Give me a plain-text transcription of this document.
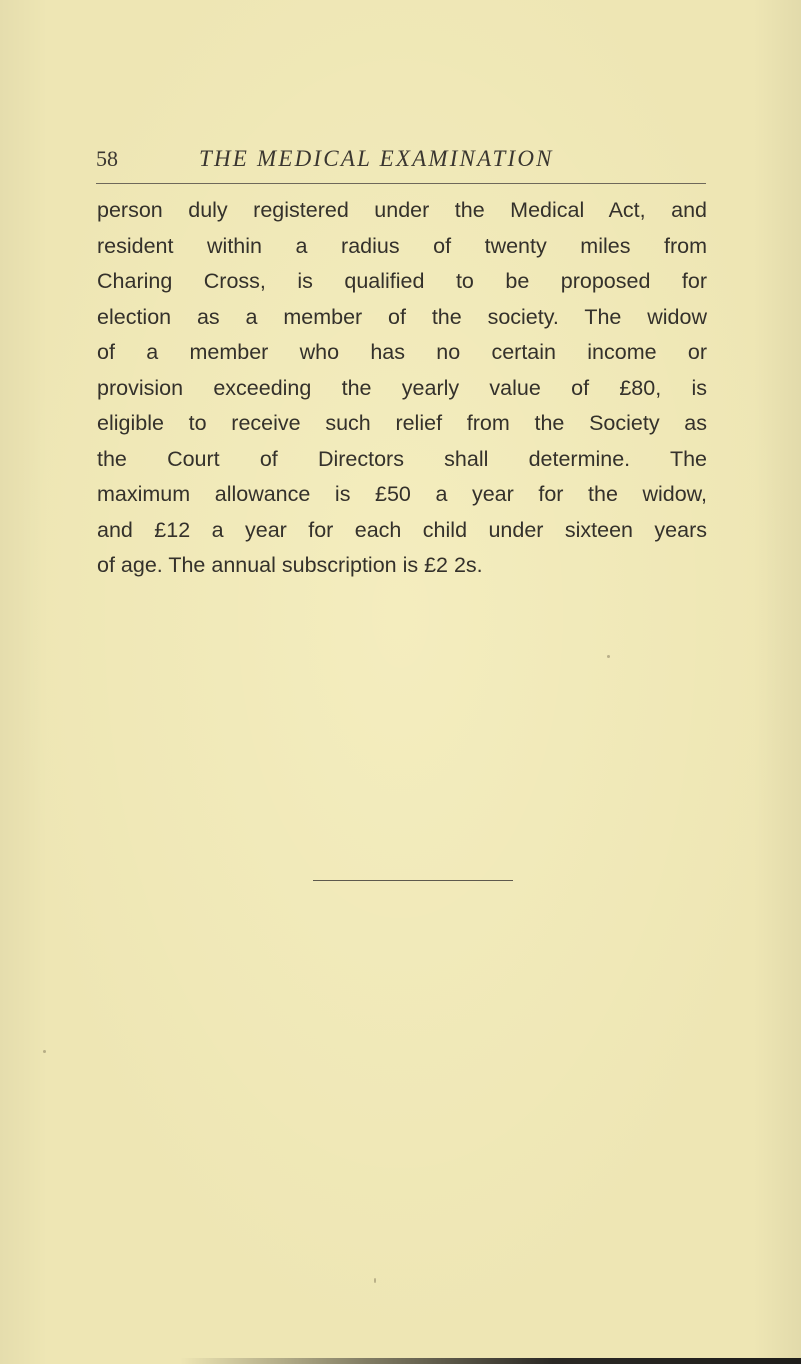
58	THE MEDICAL EXAMINATION

person duly registered under the Medical Act, and
resident within a radius of twenty miles from
Charing Cross, is qualified to be proposed for
election as a member of the society. The widow
of a member who has no certain income or
provision exceeding the yearly value of £80, is
eligible to receive such relief from the Society as
the Court of Directors shall determine. The
maximum allowance is £50 a year for the widow,
and £12 a year for each child under sixteen years
of age. The annual subscription is £2 2s.
